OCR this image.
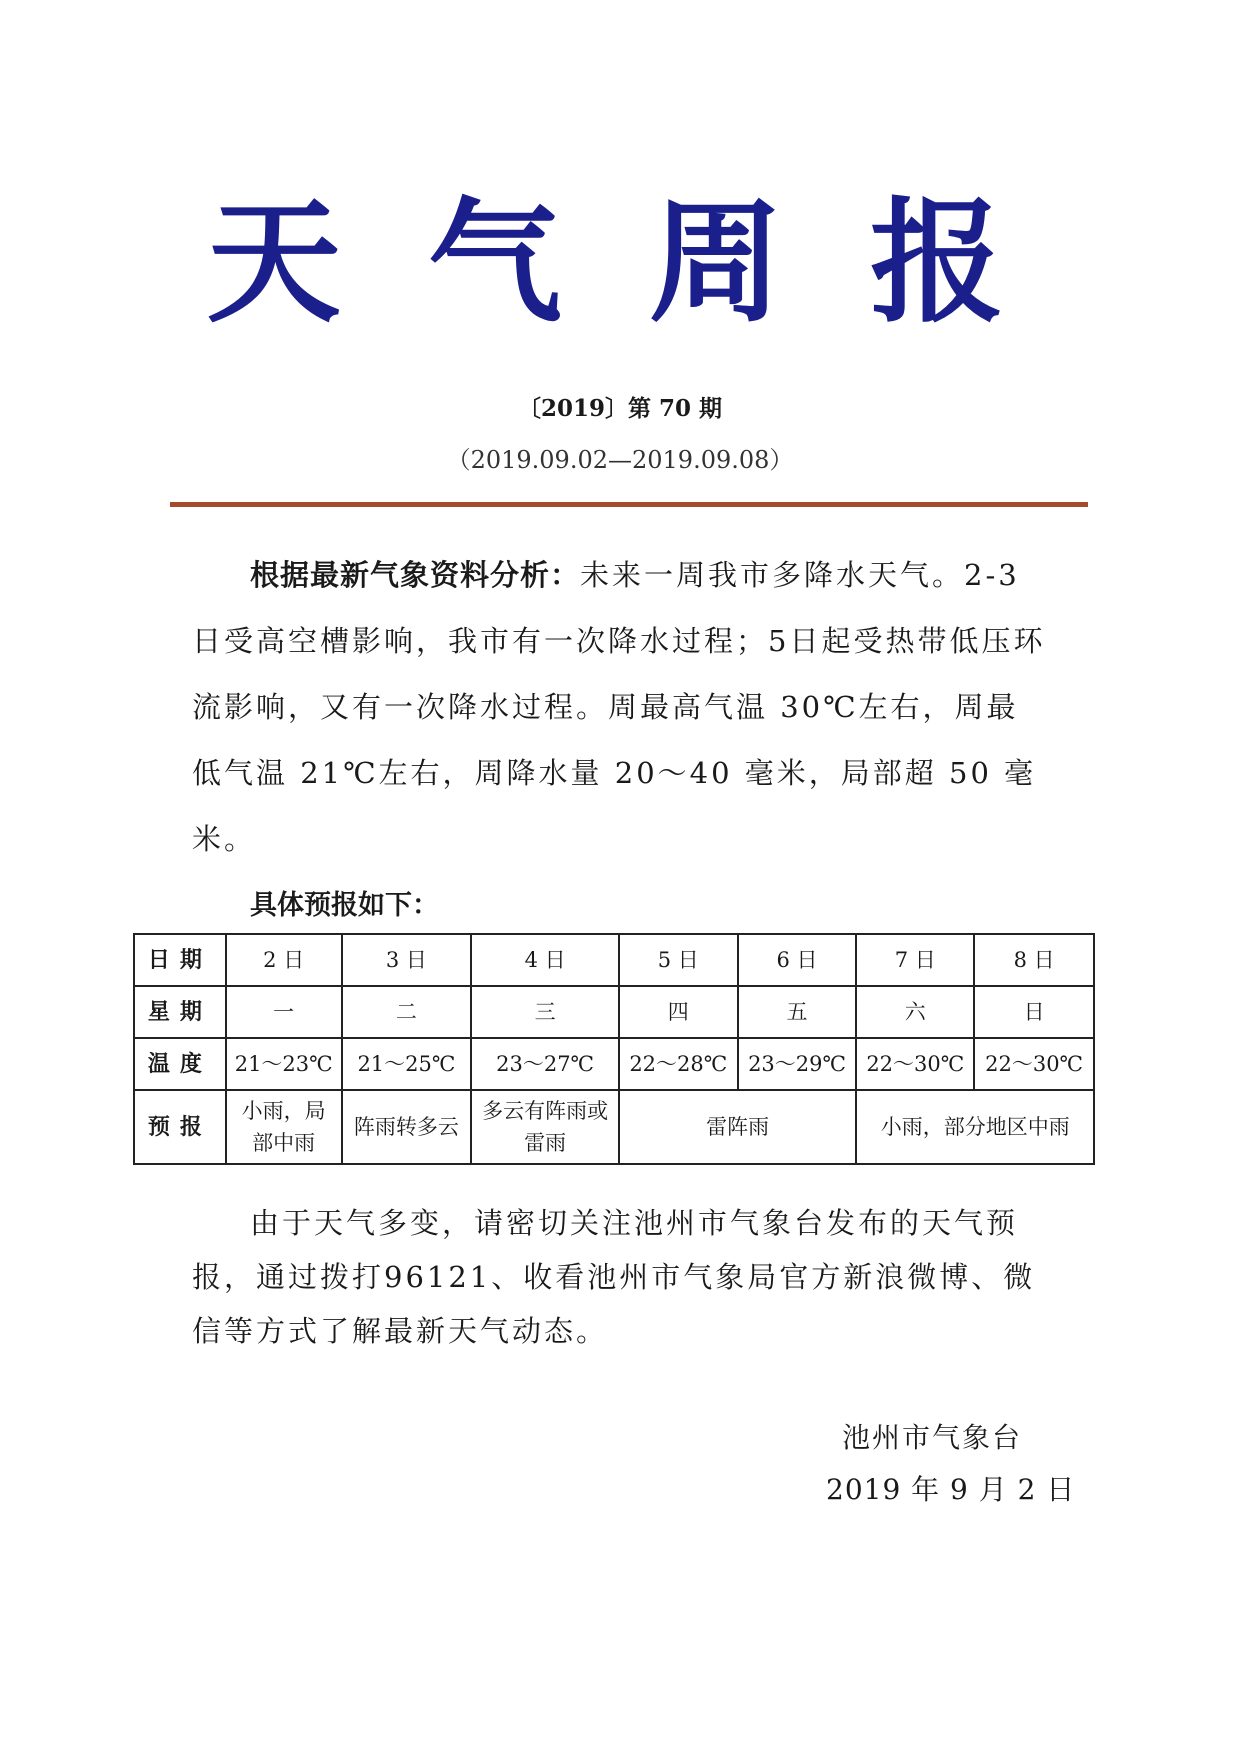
天 气 周 报
〔2019〕第 70 期
（2019.09.02—2019.09.08）
根据最新气象资料分析：未来一周我市多降水天气。2-3日受高空槽影响，我市有一次降水过程；5日起受热带低压环流影响，又有一次降水过程。周最高气温 30℃左右，周最低气温 21℃左右，周降水量 20～40 毫米，局部超 50 毫米。
具体预报如下：
日期	2 日	3 日	4 日	5 日	6 日	7 日	8 日
星期	一	二	三	四	五	六	日
温度	21～23℃	21～25℃	23～27℃	22～28℃	23～29℃	22～30℃	22～30℃
预报	小雨，局部中雨	阵雨转多云	多云有阵雨或雷雨	雷阵雨		小雨，部分地区中雨	
由于天气多变，请密切关注池州市气象台发布的天气预报，通过拨打96121、收看池州市气象局官方新浪微博、微信等方式了解最新天气动态。
池州市气象台
2019 年 9 月 2 日
